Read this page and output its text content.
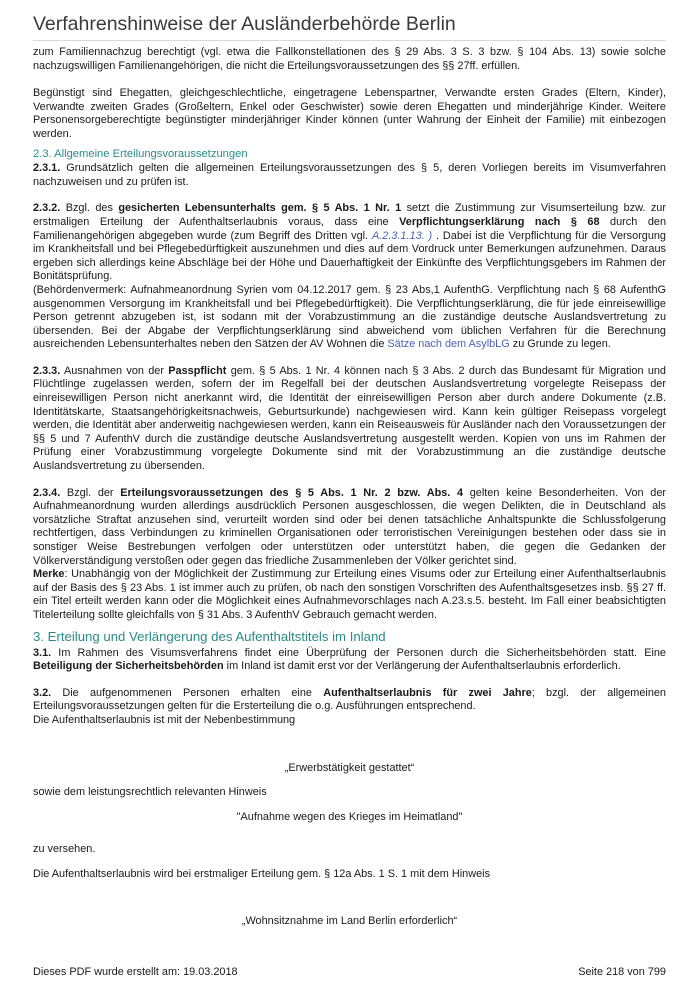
Verfahrenshinweise der Ausländerbehörde Berlin

zum Familiennachzug berechtigt (vgl. etwa die Fallkonstellationen des § 29 Abs. 3 S. 3 bzw. § 104 Abs. 13) sowie solche nachzugswilligen Familienangehörigen, die nicht die Erteilungsvoraussetzungen des §§ 27ff. erfüllen.

Begünstigt sind Ehegatten, gleichgeschlechtliche, eingetragene Lebenspartner, Verwandte ersten Grades (Eltern, Kinder), Verwandte zweiten Grades (Großeltern, Enkel oder Geschwister) sowie deren Ehegatten und minderjährige Kinder. Weitere Personensorgeberechtigte begünstigter minderjähriger Kinder können (unter Wahrung der Einheit der Familie) mit einbezogen werden.

2.3. Allgemeine Erteilungsvoraussetzungen

2.3.1. Grundsätzlich gelten die allgemeinen Erteilungsvoraussetzungen des § 5, deren Vorliegen bereits im Visumverfahren nachzuweisen und zu prüfen ist.

2.3.2. Bzgl. des gesicherten Lebensunterhalts gem. § 5 Abs. 1 Nr. 1 setzt die Zustimmung zur Visumserteilung bzw. zur erstmaligen Erteilung der Aufenthaltserlaubnis voraus, dass eine Verpflichtungserklärung nach § 68 durch den Familienangehörigen abgegeben wurde (zum Begriff des Dritten vgl. A.2.3.1.13. ) . Dabei ist die Verpflichtung für die Versorgung im Krankheitsfall und bei Pflegebedürftigkeit auszunehmen und dies auf dem Vordruck unter Bemerkungen aufzunehmen. Daraus ergeben sich allerdings keine Abschläge bei der Höhe und Dauerhaftigkeit der Einkünfte des Verpflichtungsgebers im Rahmen der Bonitätsprüfung.
(Behördenvermerk: Aufnahmeanordnung Syrien vom 04.12.2017 gem. § 23 Abs,1 AufenthG. Verpflichtung nach § 68 AufenthG ausgenommen Versorgung im Krankheitsfall und bei Pflegebedürftigkeit). Die Verpflichtungserklärung, die für jede einreisewillige Person getrennt abzugeben ist, ist sodann mit der Vorabzustimmung an die zuständige deutsche Auslandsvertretung zu übersenden. Bei der Abgabe der Verpflichtungserklärung sind abweichend vom üblichen Verfahren für die Berechnung ausreichenden Lebensunterhaltes neben den Sätzen der AV Wohnen die Sätze nach dem AsylbLG zu Grunde zu legen.

2.3.3. Ausnahmen von der Passpflicht gem. § 5 Abs. 1 Nr. 4 können nach § 3 Abs. 2 durch das Bundesamt für Migration und Flüchtlinge zugelassen werden, sofern der im Regelfall bei der deutschen Auslandsvertretung vorgelegte Reisepass der einreisewilligen Person nicht anerkannt wird, die Identität der einreisewilligen Person aber durch andere Dokumente (z.B. Identitätskarte, Staatsangehörigkeitsnachweis, Geburtsurkunde) nachgewiesen wird. Kann kein gültiger Reisepass vorgelegt werden, die Identität aber anderweitig nachgewiesen werden, kann ein Reiseausweis für Ausländer nach den Voraussetzungen der §§ 5 und 7 AufenthV durch die zuständige deutsche Auslandsvertretung ausgestellt werden. Kopien von uns im Rahmen der Prüfung einer Vorabzustimmung vorgelegte Dokumente sind mit der Vorabzustimmung an die zuständige deutsche Auslandsvertretung zu übersenden.

2.3.4. Bzgl. der Erteilungsvoraussetzungen des § 5 Abs. 1 Nr. 2 bzw. Abs. 4 gelten keine Besonderheiten. Von der Aufnahmeanordnung wurden allerdings ausdrücklich Personen ausgeschlossen, die wegen Delikten, die in Deutschland als vorsätzliche Straftat anzusehen sind, verurteilt worden sind oder bei denen tatsächliche Anhaltspunkte die Schlussfolgerung rechtfertigen, dass Verbindungen zu kriminellen Organisationen oder terroristischen Vereinigungen bestehen oder dass sie in sonstiger Weise Bestrebungen verfolgen oder unterstützen oder unterstützt haben, die gegen die Gedanken der Völkerverständigung verstoßen oder gegen das friedliche Zusammenleben der Völker gerichtet sind.

Merke: Unabhängig von der Möglichkeit der Zustimmung zur Erteilung eines Visums oder zur Erteilung einer Aufenthaltserlaubnis auf der Basis des § 23 Abs. 1 ist immer auch zu prüfen, ob nach den sonstigen Vorschriften des Aufenthaltsgesetzes insb. §§ 27 ff. ein Titel erteilt werden kann oder die Möglichkeit eines Aufnahmevorschlages nach A.23.s.5. besteht. Im Fall einer beabsichtigten Titelerteilung sollte gleichfalls von § 31 Abs. 3 AufenthV Gebrauch gemacht werden.

3. Erteilung und Verlängerung des Aufenthaltstitels im Inland

3.1. Im Rahmen des Visumsverfahrens findet eine Überprüfung der Personen durch die Sicherheitsbehörden statt. Eine Beteiligung der Sicherheitsbehörden im Inland ist damit erst vor der Verlängerung der Aufenthaltserlaubnis erforderlich.

3.2. Die aufgenommenen Personen erhalten eine Aufenthaltserlaubnis für zwei Jahre; bzgl. der allgemeinen Erteilungsvoraussetzungen gelten für die Ersterteilung die o.g. Ausführungen entsprechend.

Die Aufenthaltserlaubnis ist mit der Nebenbestimmung

„Erwerbstätigkeit gestattet“

sowie dem leistungsrechtlich relevanten Hinweis

"Aufnahme wegen des Krieges im Heimatland"

zu versehen.

Die Aufenthaltserlaubnis wird bei erstmaliger Erteilung gem. § 12a Abs. 1 S. 1 mit dem Hinweis

„Wohnsitznahme im Land Berlin erforderlich“

Dieses PDF wurde erstellt am: 19.03.2018	Seite 218 von 799
